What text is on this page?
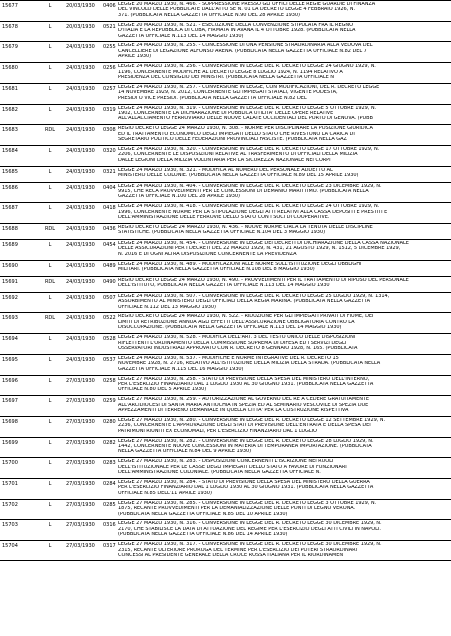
15677	L	20/03/1930	0406 LEGGE 20 MARZO 1930, N. 466. - SOPPRESSIONE PRESSO GLI UFFICI DELLE REGIE GUARDIE DI FINANZA
DEL VINCOLO DELLE PUBBLICATE DALL'ATTO SE N. 01 LA DECRETO LEGGE 4 FEBBRAIO 1926, N.
371. (PUBBLICATA NELLA GAZZETTA UFFICIALE N.90 DEL 28 APRILE 1930)
15678	L	20/03/1930	0521 LEGGE 20 MARZO 1930, N. 521. - ESECUZIONE DELLA CONVENZIONE STIPULATA FRA IL REGNO
D'ITALIA E LA REPUBBLICA DI CUBA, FIRMATA IN AVANA IL 4 OTTOBRE 1928. (PUBBLICATA NELLA
GAZZETTA UFFICIALE N.113 DEL 14 MAGGIO 1930)
15679	L	24/03/1930	0255 LEGGE 24 MARZO 1930, N. 255. - CONCESSIONE DI UNA PENSIONE STRAORDINARIA ALLA VEDOVA DEL
CANCELLIERE DI LEGAZIONE ALFONSO ARENA. (PUBBLICATA NELLA GAZZETTA UFFICIALE N.82 DEL 7
APRILE 1930)
15680	L	24/03/1930	0256 LEGGE 24 MARZO 1930, N. 256. - CONVERSIONE IN LEGGE DEL R. DECRETO LEGGE 24 GIUGNO 1929, N.
1196, CONCERNENTE MODIFICHE AL DECRETO LEGGE 8 LUGLIO 1924, N. 1194 RELATIVO A
PRESIDENZA DEL CONSIGLIO DEI MINISTRI. (PUBBLICATA NELLA GAZZETTA UFFICIALE N
15681	L	24/03/1930	0257 LEGGE 24 MARZO 1930, N. 257. - CONVERSIONE IN LEGGE, CON MODIFICAZIONI, DEL R. DECRETO LEGGE
14 NOVEMBRE 1929, N. 2012, CONCERNENTE GLI IMPIEGATI STATALI, VIGENTE PODESTA,
PRESIDI O VICE PRESIDI. (PUBBLICATA NELLA GAZZETTA UFFICIALE N.82 DEL
15682	L	24/03/1930	0319 LEGGE 24 MARZO 1930, N. 319. - CONVERSIONE IN LEGGE DEL R. DECRETO LEGGE 5 OTTOBRE 1929, N.
1902, CONCERNENTE LA DICHIARAZIONE DI PUBBLICA UTILITA' DELLE OPERE RELATIVE
ALL'ALLACCIAMENTO FERROVIARIO DELLE NUOVE CALATE OCCIDENTALI DEL PORTO DI GENOVA. (PUBB
15683	RDL	24/03/1930	0308 REGIO DECRETO LEGGE 24 MARZO 1930, N. 308. - NORME PER DISCIPLINARE LA POSIZIONE GIURIDICA
ED IL TRATTAMENTO ECONOMICO DEGLI IMPIEGATI DELLO STATO CHE RIVESTONO LA CARICA DI
SEGRETARIO POLITICO DELLE FEDERAZIONI PROVINCIALI FASCISTE. (PUBBLICATA NELLA GAZ
15684	L	24/03/1930	0320 LEGGE 24 MARZO 1930, N. 320. - CONVERSIONE IN LEGGE DEL R. DECRETO LEGGE 17 OTTOBRE 1929, N.
2206, CONCERNENTE LE DISPOSIZIONI RELATIVE AL TRASFERIMENTO DI UFFICIALI DELLA MILIZIA
DALLE LEGIONI DELLA MILIZIA VOLONTARIA PER LA SICUREZZA NAZIONALE NEI CORPI
15685	L	24/03/1930	0321 LEGGE 24 MARZO 1930, N. 321. - MODIFICA AL NUMERO DEL PERSONALE ADDETTO AL
MINISTERO DELLE COLONIE. (PUBBLICATA NELLA GAZZETTA UFFICIALE N.89 DEL 15 APRILE 1930)
15686	L	24/03/1930	0404 LEGGE 24 MARZO 1930, N. 404. - CONVERSIONE IN LEGGE DEL R. DECRETO LEGGE 23 DICEMBRE 1929, N.
9915, CHE RECA PROVVEDIMENTI PER LE CONCESSIONI DI DEMANIO MARITTIMO. (PUBBLICATA NELLA
GAZZETTA UFFICIALE N.100 DEL 28 APRILE 1930)
15687	L	24/03/1930	0418 LEGGE 24 MARZO 1930, N. 418. - CONVERSIONE IN LEGGE DEL R. DECRETO LEGGE 24 OTTOBRE 1929, N.
1996, CONCERNENTE NORME PER LA STIPULAZIONE DEGLI ATTI RELATIVI ALLA CASSA DEPOSITI E PRESTITI E
DELL'AMMINISTRAZIONE DELLE FERROVIE DELLO STATO CON I SOCI DI COOPERATIVE.
15688	RDL	24/03/1930	0436 REGIO DECRETO LEGGE 24 MARZO 1930, N. 436. - NUOVE NORME CIRCA LA TENUTA DELLE DISCIPLINE
STATISTICHE. (PUBBLICATA NELLA GAZZETTA UFFICIALE N.104 DEL 3 MAGGIO 1930)
15689	L	24/03/1930	0454 LEGGE 24 MARZO 1930, N. 454. - CONVERSIONE IN LEGGE DEI DECRETI DI DICHIARAZIONE DELLA CASSA NAZIONALE
DELLE ASSICURAZIONI PER I DECRETI DEL 22 MARZO 1929, N. 431, 21 AGOSTO 1929, N. 1512, 5 DICEMBRE 1929,
N. 2016 E DI OGNI ALTRA DISPOSIZIONE CONCERNENTE LA PREVIDENZA
15690	L	24/03/1930	0489 LEGGE 24 MARZO 1930, N. 489. - MODIFICAZIONI ALLE NORME SULL'ISTITUZIONE DEGLI OBBLIGHI
MILITARI. (PUBBLICATA NELLA GAZZETTA UFFICIALE N.108 DEL 8 MAGGIO 1930)
15691	RDL	24/03/1930	0490 REGIO DECRETO LEGGE 24 MARZO 1930, N. 490. - PROVVEDIMENTI PER IL TRATTAMENTO DI RIPOSO DEL PERSONALE
DELL'ISTITUTO, PUBBLICATA NELLA GAZZETTA UFFICIALE N.113 DEL 14 MAGGIO 1930
15692	L	24/03/1930	0507 LEGGE 24 MARZO 1930, N. 507. - CONVERSIONE IN LEGGE DEL R. DECRETO LEGGE 25 LUGLIO 1929, N. 1314,
ASSORBIMENTO AL MINISTERO DEGLI UFFICIALI DELLA REGIA MARINA. (PUBBLICATA NELLA GAZZETTA
UFFICIALE N.112 DEL 13 MAGGIO 1930)
15693	RDL	24/03/1930	0522 REGIO DECRETO LEGGE 24 MARZO 1930, N. 522. - RIDUZIONE PER GLI IMPIEGATI PRIVATI DI FIUME, DEI
LIMITI DI RETRIBUZIONE ANNUA AGLI EFFETTI DELL'ASSICURAZIONE OBBLIGATORIA CONTRO LA
DISOCCUPAZIONE. (PUBBLICATA NELLA GAZZETTA UFFICIALE N.113 DEL 14 MAGGIO 1930)
15694	L	24/03/1930	0528 LEGGE 24 MARZO 1930, N. 528. - MODIFICA DELL'ART. 3 DEL TESTO UNICO DELLE DISPOSIZIONI
RIFLETTENTI L'ORDINAMENTO DELLA COMMISSIONE SUPREMA DI DIFESA ED I SERVIZI DEGLI
OSSERVATORI INDUSTRIALI APPROVATO CON R. DECRETO 8 GENNAIO 1928, N. 165. (PUBBLICATA
15695	L	24/03/1930	0537 LEGGE 24 MARZO 1930, N. 537. - MODIFICHE E NORME INTEGRATIVE DEL R. DECRETO 15
NOVEMBRE 1928, N. 2716, RELATIVO ALL'ISTITUZIONE DELLA MILIZIA DELLA STRADA. (PUBBLICATA NELLA
GAZZETTA UFFICIALE N.115 DEL 16 MAGGIO 1930)
15696	L	27/03/1930	0258 LEGGE 27 MARZO 1930, N. 258. - STATO DI PREVISIONE DELLA SPESA DEL MINISTERO DELL'INTERNO,
PER L'ESERCIZIO FINANZIARIO DAL 1 LUGLIO 1930 AL 30 GIUGNO 1931. (PUBBLICATA NELLA GAZZETTA
UFFICIALE N.80 DEL 5 APRILE 1930)
15697	L	27/03/1930	0259 LEGGE 27 MARZO 1930, N. 259. - AUTORIZZAZIONE AL GOVERNO DEL RE A CEDERE GRATUITAMENTE
ALL'ARCIDIOCESI DI SANTA MARIA ANTIOCHIA IN SPEZIA ED AL SEMINARIO VESCOVILE DI SPEZIA DUE
APPEZZAMENTI DI TERRENO DEMANIALE IN QUELLA CITTA' PER LA COSTRUZIONE RISPETTIVA
15698	L	27/03/1930	0280 LEGGE 27 MARZO 1930, N. 280. - CONVERSIONE IN LEGGE DEL R. DECRETO LEGGE 12 SETTEMBRE 1929, N.
2236, CONCERNENTE L'APPROVAZIONE DEGLI STATI DI PREVISIONE DELL'ENTRATA E DELLA SPESA DEI
PATRIMONI RIUNITI EX ECONOMALI, PER L'ESERCIZIO FINANZIARIO DAL 1 LUGLIO
15699	L	27/03/1930	0282 LEGGE 27 MARZO 1930, N. 282. - CONVERSIONE IN LEGGE DEL R. DECRETO LEGGE 28 LUGLIO 1929, N.
1442, CONCERNENTE NUOVE CONCESSIONI IN MATERIA DI TEMPORANEA IMPORTAZIONE. (PUBBLICATA
NELLA GAZZETTA UFFICIALE N.84 DEL 9 APRILE 1930)
15700	L	27/03/1930	0283 LEGGE 27 MARZO 1930, N. 283. - DISPOSIZIONI CONCERNENTI L'ISCRIZIONE NEI RUOLI
DELL'ISTITUZIONALE PER LE CASSE DEGLI IMPIEGATI DELLO STATO A FAVORE DI FUNZIONARI
DELL'AMMINISTRAZIONE COLONIALE. (PUBBLICATA NELLA GAZZETTA UFFICIALE N.
15701	L	27/03/1930	0284 LEGGE 27 MARZO 1930, N. 284. - STATO DI PREVISIONE DELLA SPESA DEL MINISTERO DELLA GUERRA
PER L'ESERCIZIO FINANZIARIO DAL 1 LUGLIO 1930 AL 30 GIUGNO 1931. (PUBBLICATA NELLA GAZZETTA
UFFICIALE N.85 DELL'11 APRILE 1930)
15702	L	27/03/1930	0285 LEGGE 27 MARZO 1930, N. 285. - CONVERSIONE IN LEGGE DEL R. DECRETO LEGGE 3 OTTOBRE 1929, N.
1875, RECANTE PROVVEDIMENTI PER LA DEMANIALIZZAZIONE DELLE PONTI DI LEGNO VERONA.
(PUBBLICATA NELLA GAZZETTA UFFICIALE N.85 DEL 10 APRILE 1930)
15703	L	27/03/1930	0316 LEGGE 27 MARZO 1930, N. 316. - CONVERSIONE IN LEGGE DEL R. DECRETO LEGGE 30 DICEMBRE 1929, N.
2170, CHE STABILISCE LA DATA DI ATTUAZIONE DEL REGIME PER L'ESERCIZIO DEGLI ATTI CIVILI IN NAPOLI.
(PUBBLICATA NELLA GAZZETTA UFFICIALE N.86 DEL 14 APRILE 1930)
15704	L	27/03/1930	0317 LEGGE 27 MARZO 1930, N. 317. - CONVERSIONE IN LEGGE DEL R. DECRETO LEGGE 30 DICEMBRE 1929, N.
2315, RECANTE ULTERIORE PROROGA DEL TERMINE PER L'ESERCIZIO DEI POTERI STRAORDINARI
CONCESSI AL PRESIDENTE GENERALE DELLA CROCE ROSSA ITALIANA PER IL RIORDINAMEN
